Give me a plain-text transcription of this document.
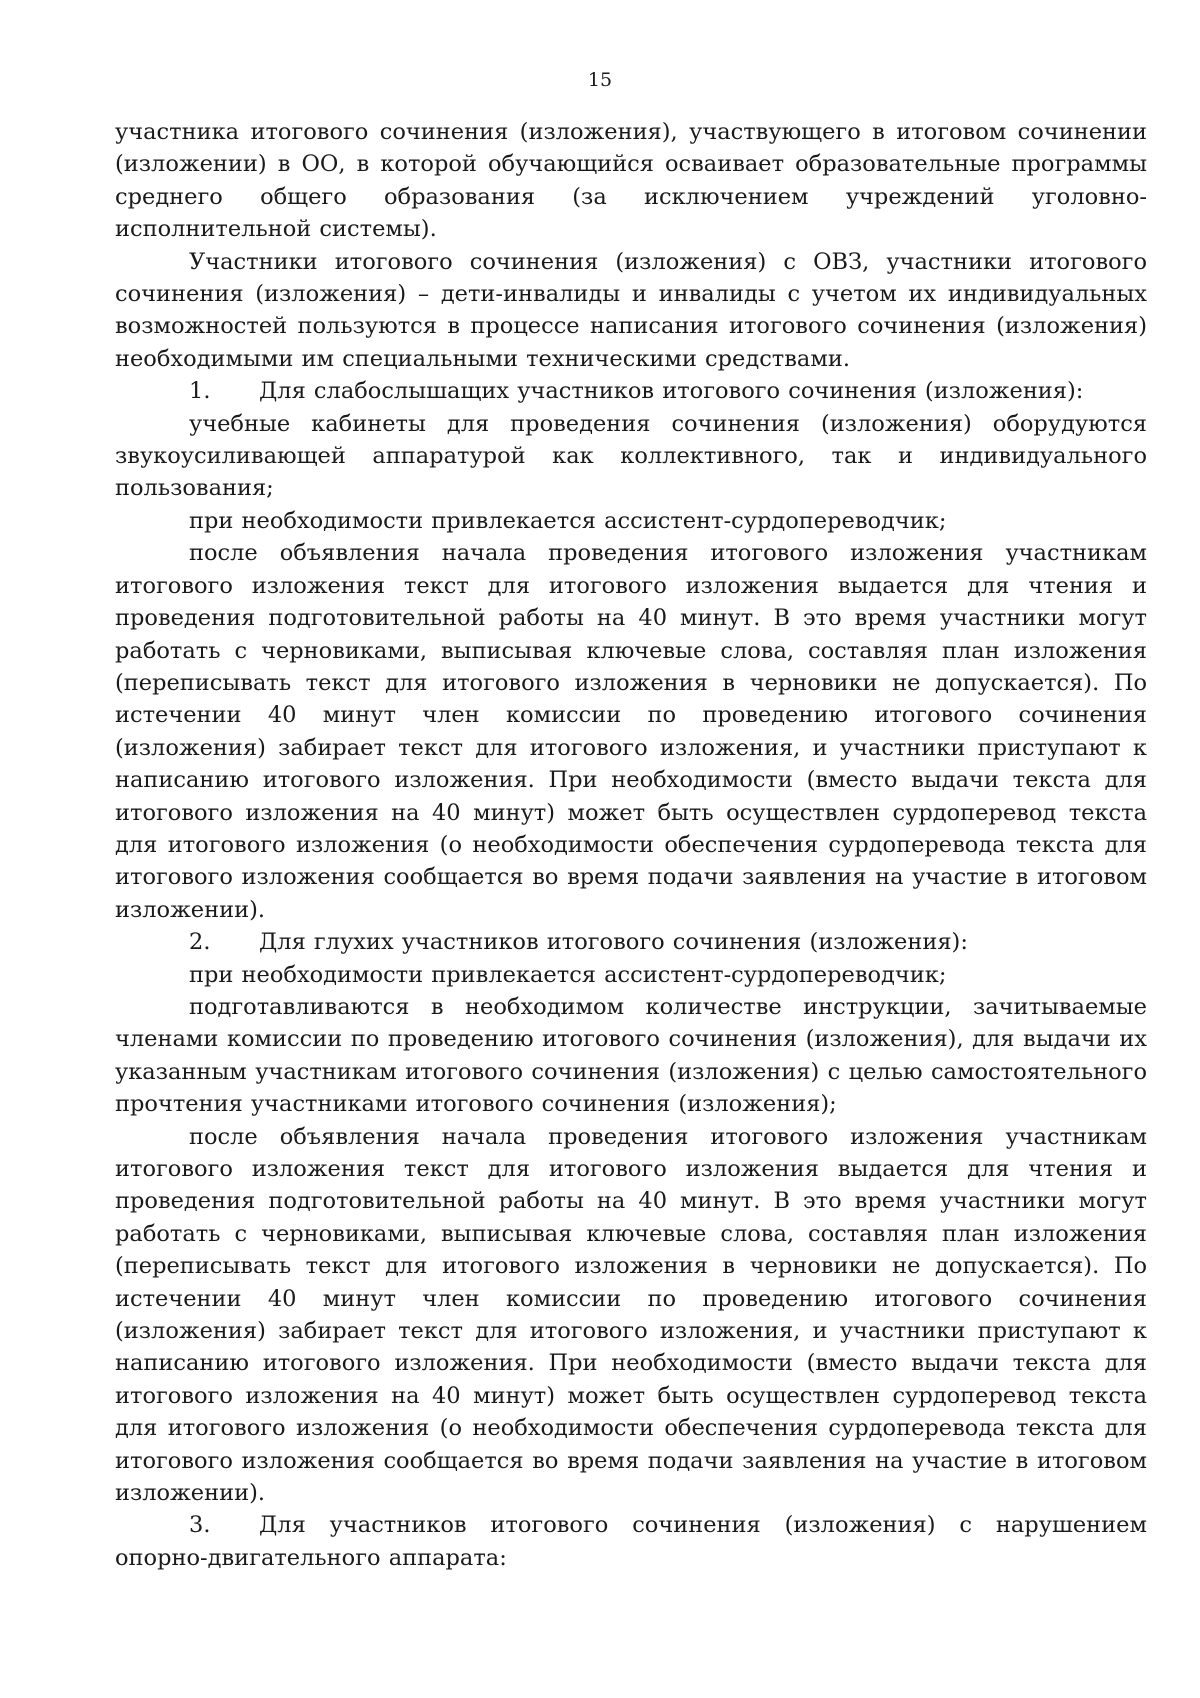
15

участника итогового сочинения (изложения), участвующего в итоговом сочинении (изложении) в ОО, в которой обучающийся осваивает образовательные программы среднего общего образования (за исключением учреждений уголовно-исполнительной системы).

Участники итогового сочинения (изложения) с ОВЗ, участники итогового сочинения (изложения) – дети-инвалиды и инвалиды с учетом их индивидуальных возможностей пользуются в процессе написания итогового сочинения (изложения) необходимыми им специальными техническими средствами.

1. Для слабослышащих участников итогового сочинения (изложения):

учебные кабинеты для проведения сочинения (изложения) оборудуются звукоусиливающей аппаратурой как коллективного, так и индивидуального пользования;

при необходимости привлекается ассистент-сурдопереводчик;

после объявления начала проведения итогового изложения участникам итогового изложения текст для итогового изложения выдается для чтения и проведения подготовительной работы на 40 минут. В это время участники могут работать с черновиками, выписывая ключевые слова, составляя план изложения (переписывать текст для итогового изложения в черновики не допускается). По истечении 40 минут член комиссии по проведению итогового сочинения (изложения) забирает текст для итогового изложения, и участники приступают к написанию итогового изложения. При необходимости (вместо выдачи текста для итогового изложения на 40 минут) может быть осуществлен сурдоперевод текста для итогового изложения (о необходимости обеспечения сурдоперевода текста для итогового изложения сообщается во время подачи заявления на участие в итоговом изложении).

2. Для глухих участников итогового сочинения (изложения):

при необходимости привлекается ассистент-сурдопереводчик;

подготавливаются в необходимом количестве инструкции, зачитываемые членами комиссии по проведению итогового сочинения (изложения), для выдачи их указанным участникам итогового сочинения (изложения) с целью самостоятельного прочтения участниками итогового сочинения (изложения);

после объявления начала проведения итогового изложения участникам итогового изложения текст для итогового изложения выдается для чтения и проведения подготовительной работы на 40 минут. В это время участники могут работать с черновиками, выписывая ключевые слова, составляя план изложения (переписывать текст для итогового изложения в черновики не допускается). По истечении 40 минут член комиссии по проведению итогового сочинения (изложения) забирает текст для итогового изложения, и участники приступают к написанию итогового изложения. При необходимости (вместо выдачи текста для итогового изложения на 40 минут) может быть осуществлен сурдоперевод текста для итогового изложения (о необходимости обеспечения сурдоперевода текста для итогового изложения сообщается во время подачи заявления на участие в итоговом изложении).

3. Для участников итогового сочинения (изложения) с нарушением опорно-двигательного аппарата:
